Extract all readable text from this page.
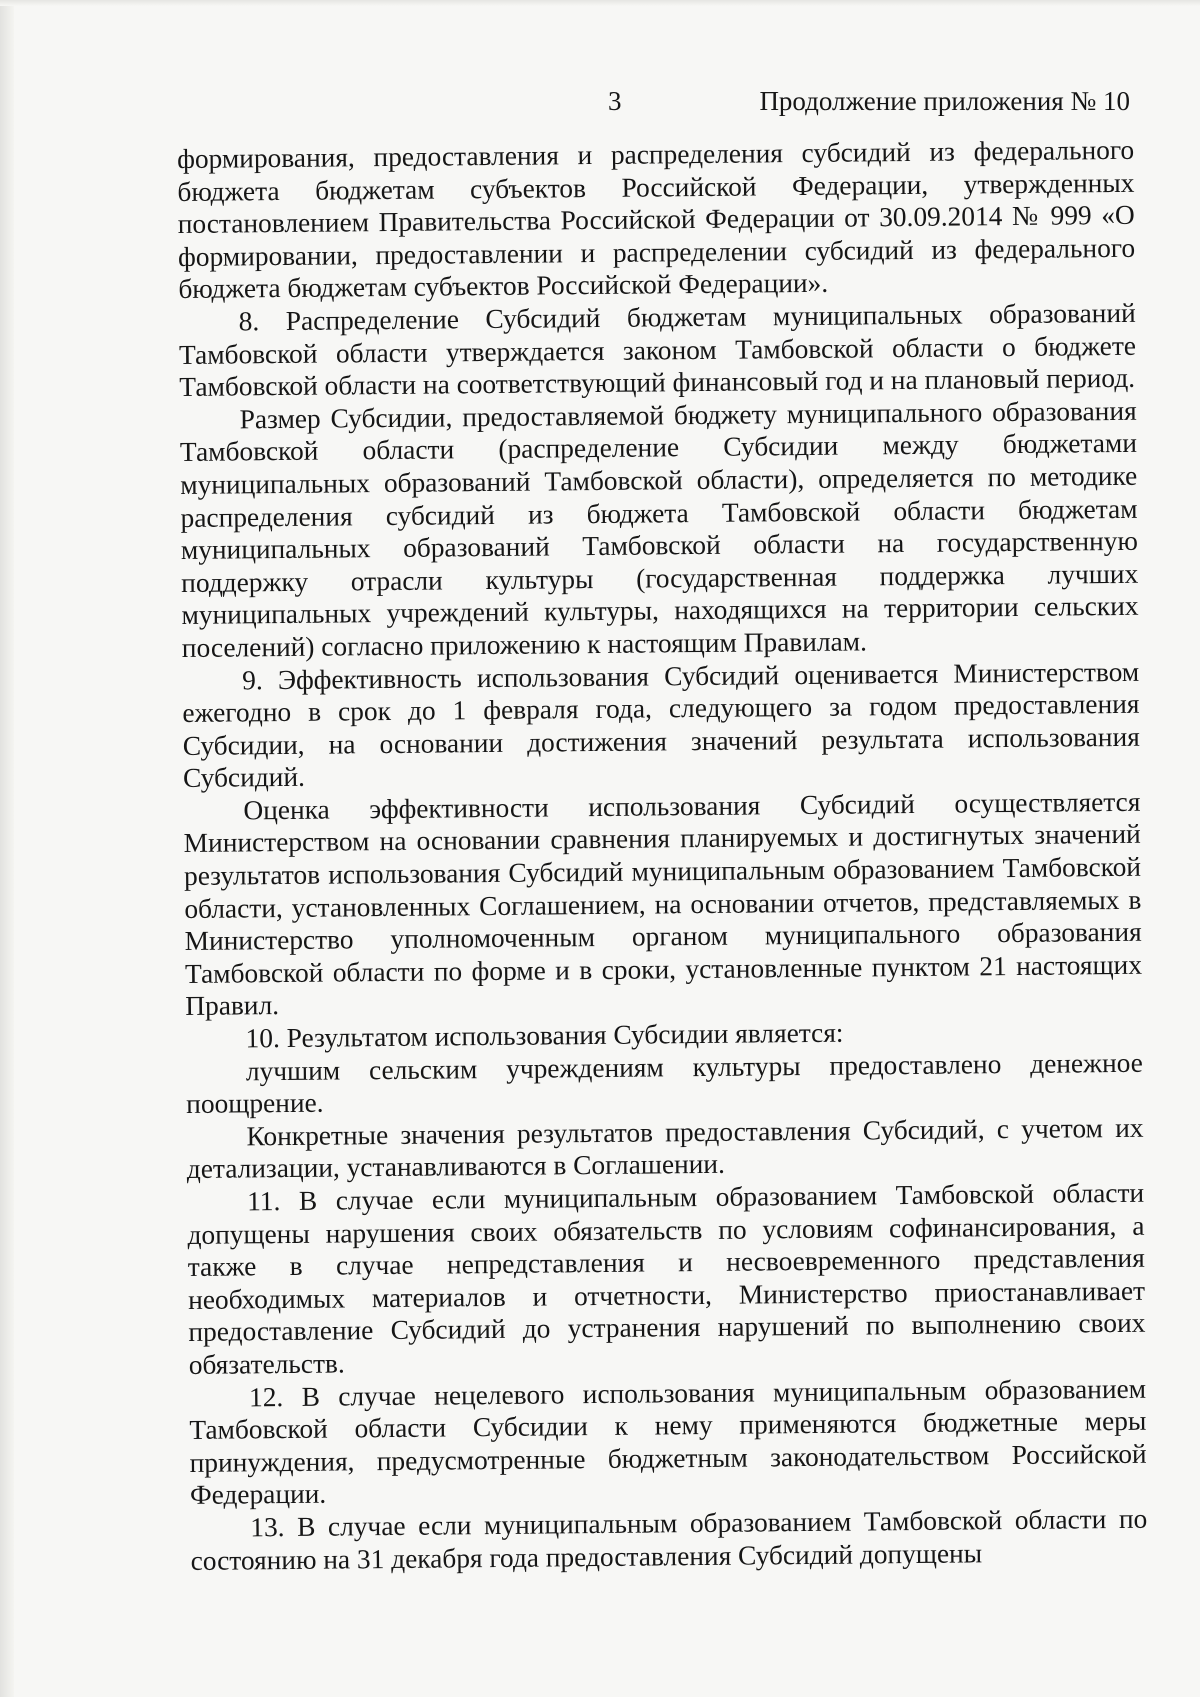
3	Продолжение приложения № 10

формирования, предоставления и распределения субсидий из федерального бюджета бюджетам субъектов Российской Федерации, утвержденных постановлением Правительства Российской Федерации от 30.09.2014 № 999 «О формировании, предоставлении и распределении субсидий из федерального бюджета бюджетам субъектов Российской Федерации».

8. Распределение Субсидий бюджетам муниципальных образований Тамбовской области утверждается законом Тамбовской области о бюджете Тамбовской области на соответствующий финансовый год и на плановый период.

Размер Субсидии, предоставляемой бюджету муниципального образования Тамбовской области (распределение Субсидии между бюджетами муниципальных образований Тамбовской области), определяется по методике распределения субсидий из бюджета Тамбовской области бюджетам муниципальных образований Тамбовской области на государственную поддержку отрасли культуры (государственная поддержка лучших муниципальных учреждений культуры, находящихся на территории сельских поселений) согласно приложению к настоящим Правилам.

9. Эффективность использования Субсидий оценивается Министерством ежегодно в срок до 1 февраля года, следующего за годом предоставления Субсидии, на основании достижения значений результата использования Субсидий.

Оценка эффективности использования Субсидий осуществляется Министерством на основании сравнения планируемых и достигнутых значений результатов использования Субсидий муниципальным образованием Тамбовской области, установленных Соглашением, на основании отчетов, представляемых в Министерство уполномоченным органом муниципального образования Тамбовской области по форме и в сроки, установленные пунктом 21 настоящих Правил.

10. Результатом использования Субсидии является:

лучшим сельским учреждениям культуры предоставлено денежное поощрение.

Конкретные значения результатов предоставления Субсидий, с учетом их детализации, устанавливаются в Соглашении.

11. В случае если муниципальным образованием Тамбовской области допущены нарушения своих обязательств по условиям софинансирования, а также в случае непредставления и несвоевременного представления необходимых материалов и отчетности, Министерство приостанавливает предоставление Субсидий до устранения нарушений по выполнению своих обязательств.

12. В случае нецелевого использования муниципальным образованием Тамбовской области Субсидии к нему применяются бюджетные меры принуждения, предусмотренные бюджетным законодательством Российской Федерации.

13. В случае если муниципальным образованием Тамбовской области по состоянию на 31 декабря года предоставления Субсидий допущены
